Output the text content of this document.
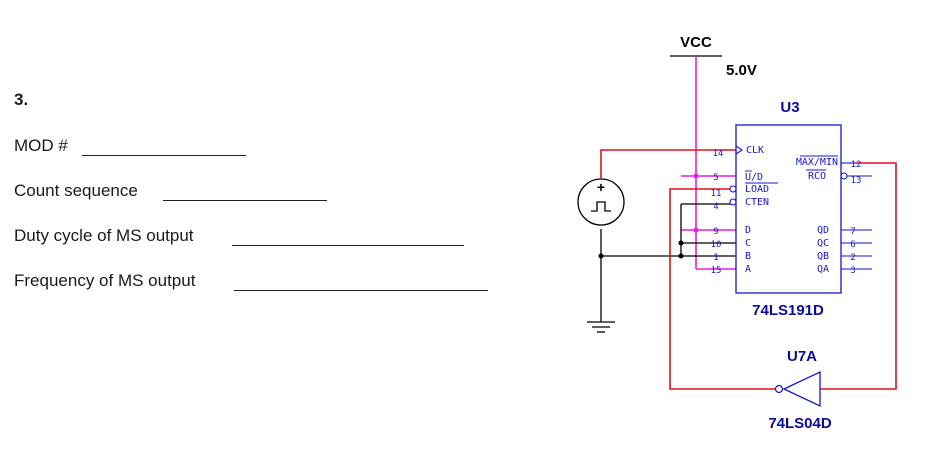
3.
MOD #
Count sequence
Duty cycle of MS output
Frequency of MS output
VCC
5.0V
+
U7A
74LS04D
U3
74LS191D
CLK
MAX/MIN
U/D	RCO
LOAD
CTEN
D
C
B
A
QD
QC
QB
QA
14
5
11
4
9
10
1
15
12
13
7
6
2
3
